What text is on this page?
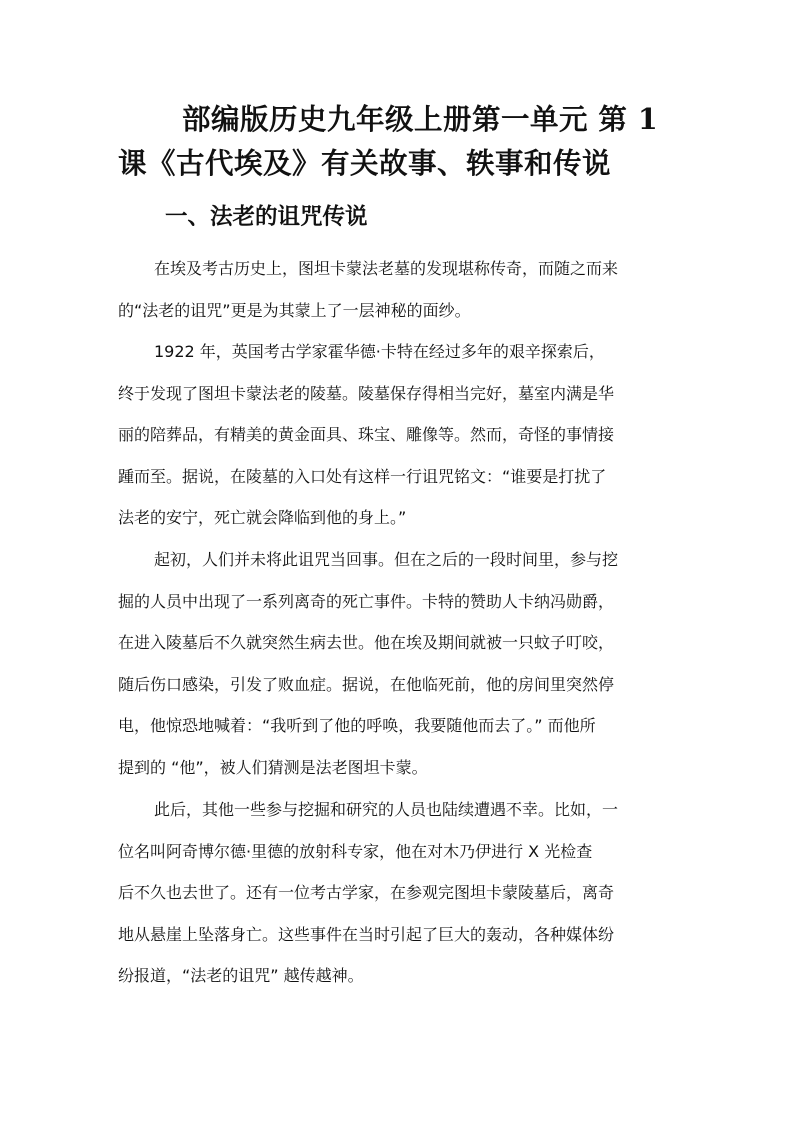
部编版历史九年级上册第一单元 第 1
课《古代埃及》有关故事、轶事和传说
一、法老的诅咒传说

在埃及考古历史上，图坦卡蒙法老墓的发现堪称传奇，而随之而来
的“法老的诅咒”更是为其蒙上了一层神秘的面纱。

1922 年，英国考古学家霍华德·卡特在经过多年的艰辛探索后，
终于发现了图坦卡蒙法老的陵墓。陵墓保存得相当完好，墓室内满是华
丽的陪葬品，有精美的黄金面具、珠宝、雕像等。然而，奇怪的事情接
踵而至。据说，在陵墓的入口处有这样一行诅咒铭文：“谁要是打扰了
法老的安宁，死亡就会降临到他的身上。”

起初，人们并未将此诅咒当回事。但在之后的一段时间里，参与挖
掘的人员中出现了一系列离奇的死亡事件。卡特的赞助人卡纳冯勋爵，
在进入陵墓后不久就突然生病去世。他在埃及期间就被一只蚊子叮咬，
随后伤口感染，引发了败血症。据说，在他临死前，他的房间里突然停
电，他惊恐地喊着：“我听到了他的呼唤，我要随他而去了。” 而他所
提到的 “他”，被人们猜测是法老图坦卡蒙。

此后，其他一些参与挖掘和研究的人员也陆续遭遇不幸。比如，一
位名叫阿奇博尔德·里德的放射科专家，他在对木乃伊进行 X 光检查
后不久也去世了。还有一位考古学家，在参观完图坦卡蒙陵墓后，离奇
地从悬崖上坠落身亡。这些事件在当时引起了巨大的轰动，各种媒体纷
纷报道，“法老的诅咒” 越传越神。
